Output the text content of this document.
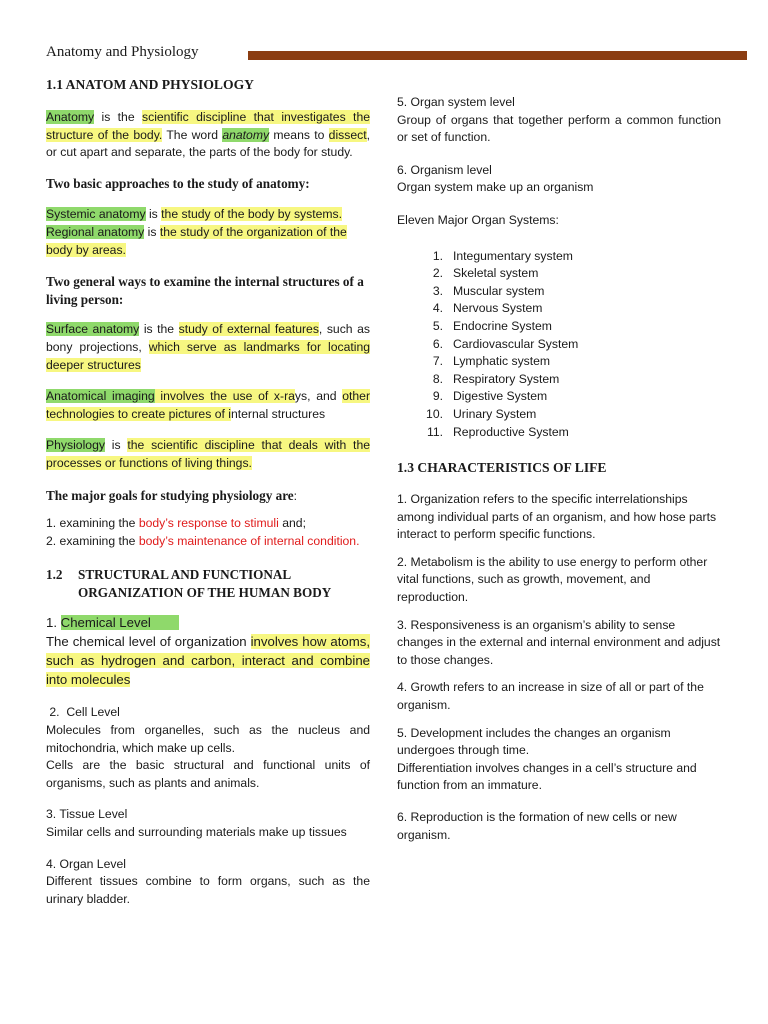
Anatomy and Physiology

1.1 ANATOM AND PHYSIOLOGY

Anatomy is the scientific discipline that investigates the structure of the body. The word anatomy means to dissect, or cut apart and separate, the parts of the body for study.

Two basic approaches to the study of anatomy:

Systemic anatomy is the study of the body by systems.

Regional anatomy is the study of the organization of the body by areas.

Two general ways to examine the internal structures of a living person:

Surface anatomy is the study of external features, such as bony projections, which serve as landmarks for locating deeper structures

Anatomical imaging involves the use of x-rays, and other technologies to create pictures of internal structures

Physiology is the scientific discipline that deals with the processes or functions of living things.

The major goals for studying physiology are:

1. examining the body’s response to stimuli and;

2. examining the body’s maintenance of internal condition.

1.2	STRUCTURAL AND FUNCTIONAL ORGANIZATION OF THE HUMAN BODY

1. Chemical Level

The chemical level of organization involves how atoms, such as hydrogen and carbon, interact and combine into molecules

2.  Cell Level

Molecules from organelles, such as the nucleus and mitochondria, which make up cells.

Cells are the basic structural and functional units of organisms, such as plants and animals.

3. Tissue Level

Similar cells and surrounding materials make up tissues

4. Organ Level

Different tissues combine to form organs, such as the urinary bladder.

5. Organ system level

Group of organs that together perform a common function or set of function.

6. Organism level

Organ system make up an organism

Eleven Major Organ Systems:

1. Integumentary system
2. Skeletal system
3. Muscular system
4. Nervous System
5. Endocrine System
6. Cardiovascular System
7. Lymphatic system
8. Respiratory System
9. Digestive System
10. Urinary System
11. Reproductive System

1.3 CHARACTERISTICS OF LIFE

1. Organization refers to the specific interrelationships among individual parts of an organism, and how hose parts interact to perform specific functions.

2. Metabolism is the ability to use energy to perform other vital functions, such as growth, movement, and reproduction.

3. Responsiveness is an organism’s ability to sense changes in the external and internal environment and adjust to those changes.

4. Growth refers to an increase in size of all or part of the organism.

5. Development includes the changes an organism undergoes through time.

Differentiation involves changes in a cell’s structure and function from an immature.

6. Reproduction is the formation of new cells or new organism.
